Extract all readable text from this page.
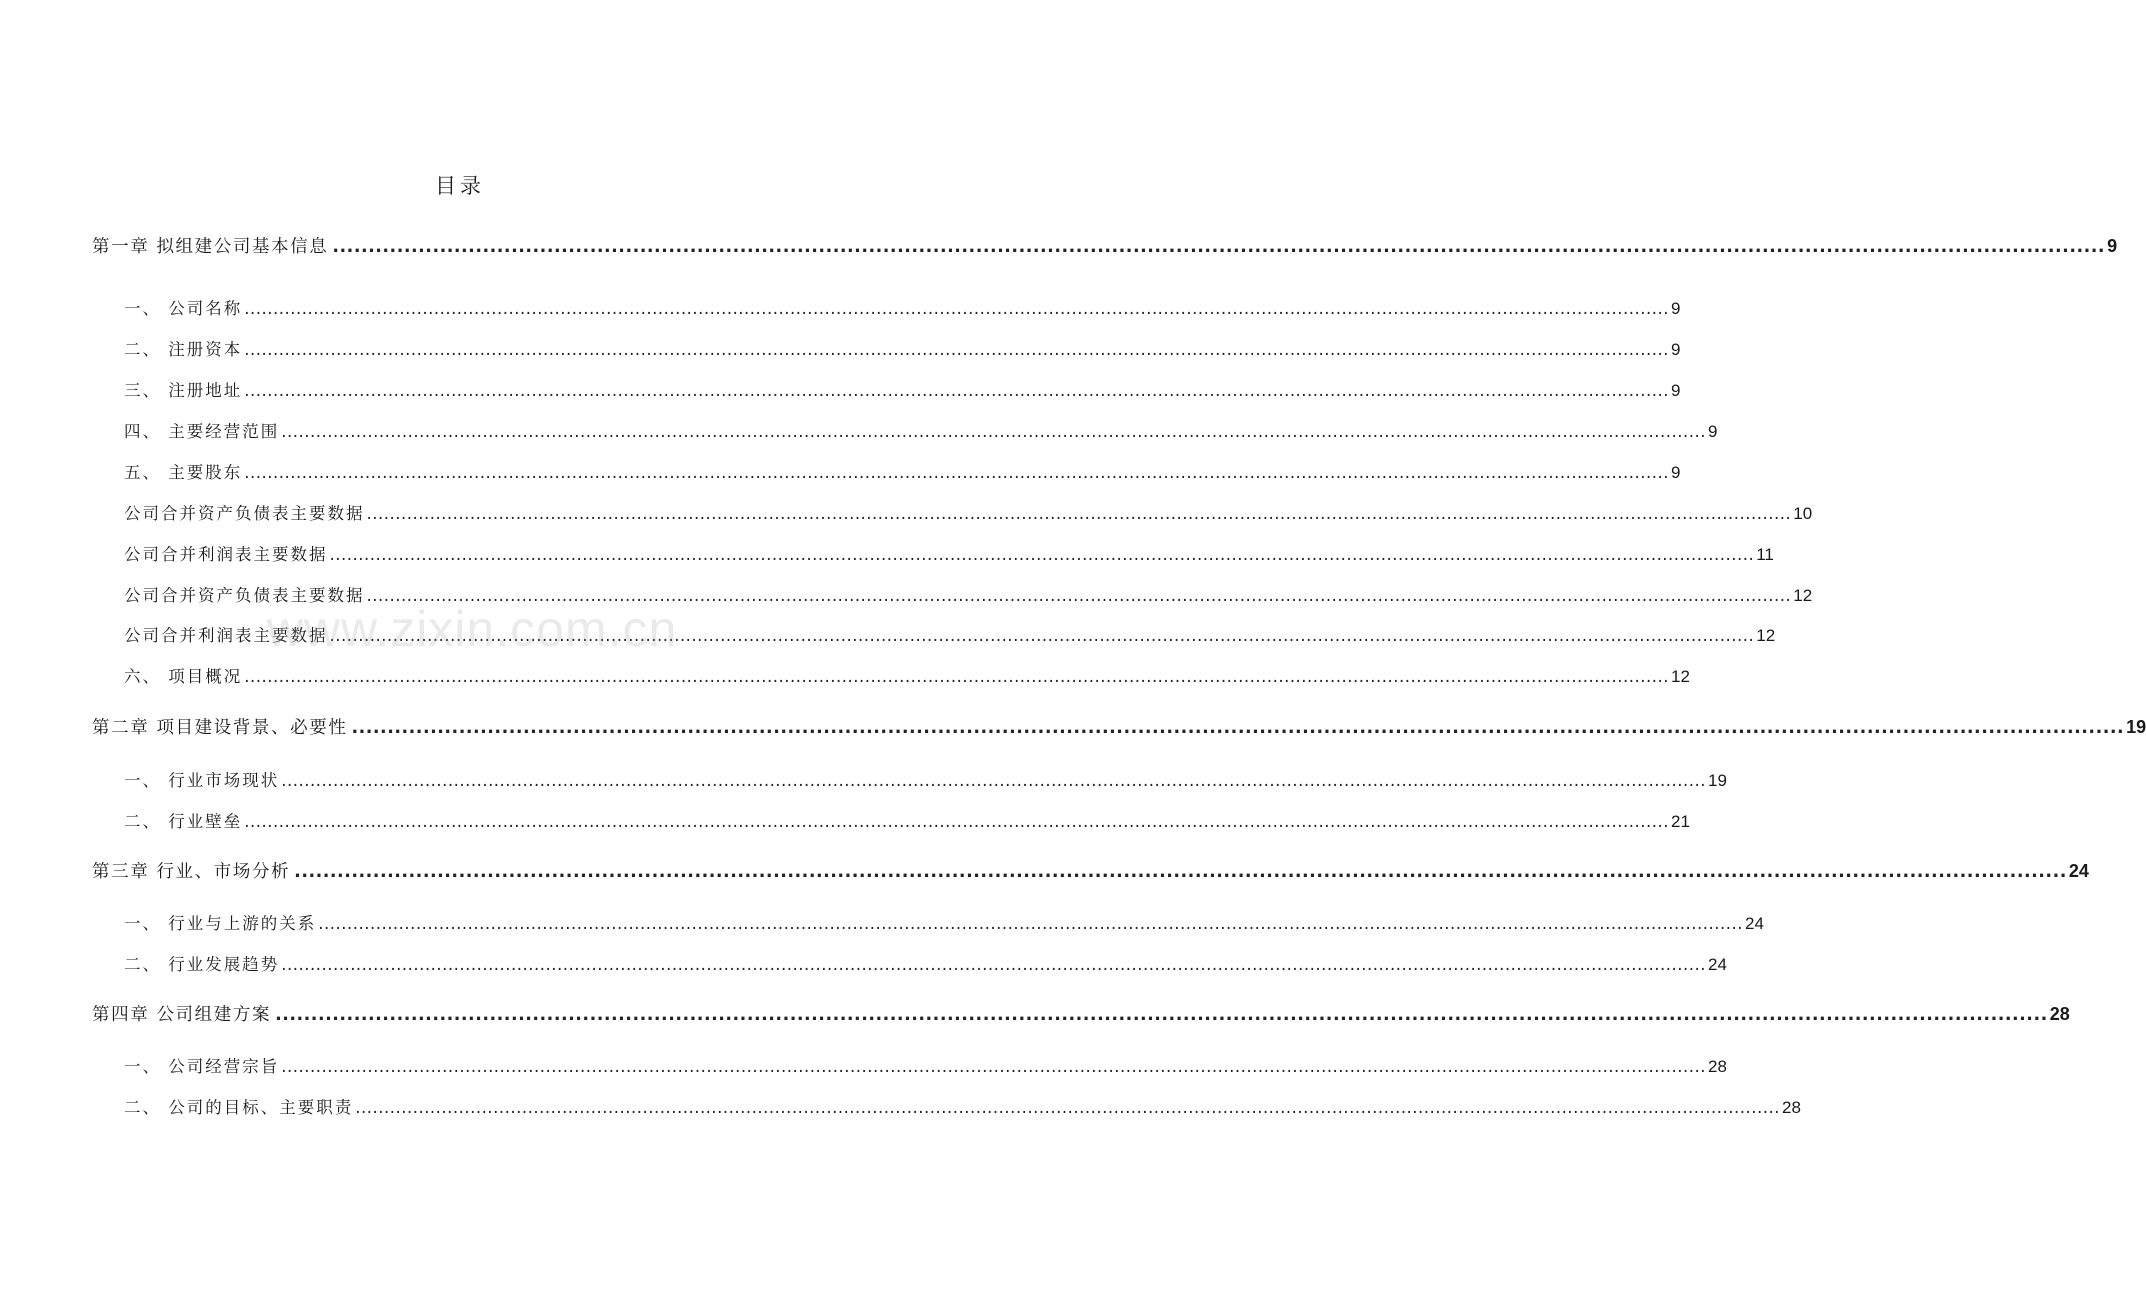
目录
第一章 拟组建公司基本信息 ........................................................................................................................................................................................................................................................ 9
一、 公司名称 ........................................................................................................................................................................................................................................................ 9
二、 注册资本 ........................................................................................................................................................................................................................................................ 9
三、 注册地址 ........................................................................................................................................................................................................................................................ 9
四、 主要经营范围 ........................................................................................................................................................................................................................................................ 9
五、 主要股东 ........................................................................................................................................................................................................................................................ 9
公司合并资产负债表主要数据 ........................................................................................................................................................................................................................................................ 10
公司合并利润表主要数据 ........................................................................................................................................................................................................................................................ 11
公司合并资产负债表主要数据 ........................................................................................................................................................................................................................................................ 12
公司合并利润表主要数据 ........................................................................................................................................................................................................................................................ 12
六、 项目概况 ........................................................................................................................................................................................................................................................ 12
第二章 项目建设背景、必要性 ........................................................................................................................................................................................................................................................ 19
一、 行业市场现状 ........................................................................................................................................................................................................................................................ 19
二、 行业壁垒 ........................................................................................................................................................................................................................................................ 21
第三章 行业、市场分析 ........................................................................................................................................................................................................................................................ 24
一、 行业与上游的关系 ........................................................................................................................................................................................................................................................ 24
二、 行业发展趋势 ........................................................................................................................................................................................................................................................ 24
第四章 公司组建方案 ........................................................................................................................................................................................................................................................ 28
一、 公司经营宗旨 ........................................................................................................................................................................................................................................................ 28
二、 公司的目标、主要职责 ........................................................................................................................................................................................................................................................ 28
www.zixin.com.cn
